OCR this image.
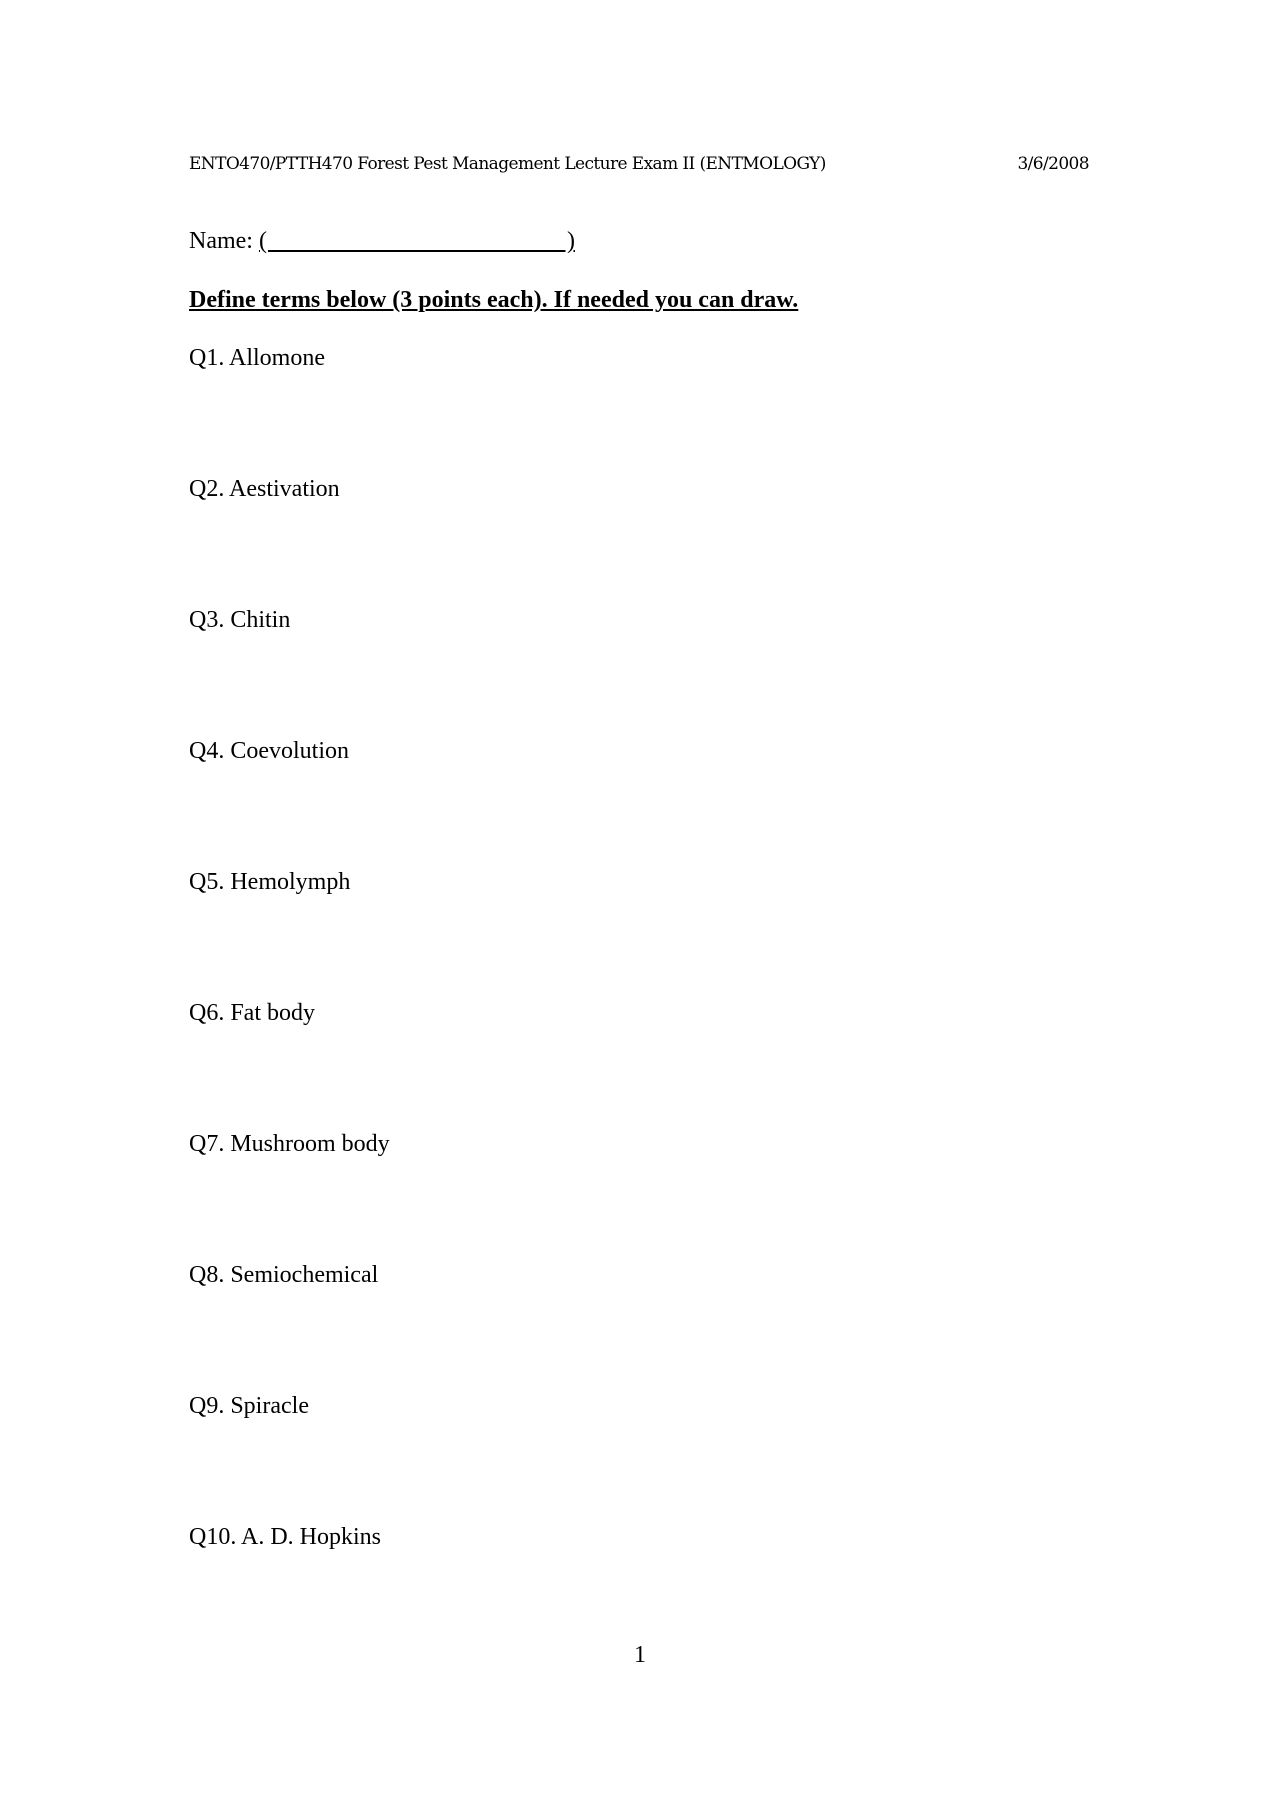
ENTO470/PTTH470 Forest Pest Management Lecture Exam II (ENTMOLOGY)	3/6/2008
Name: (                                                  )
Define terms below (3 points each). If needed you can draw.
Q1. Allomone
Q2. Aestivation
Q3. Chitin
Q4. Coevolution
Q5. Hemolymph
Q6. Fat body
Q7. Mushroom body
Q8. Semiochemical
Q9. Spiracle
Q10. A. D. Hopkins
1
